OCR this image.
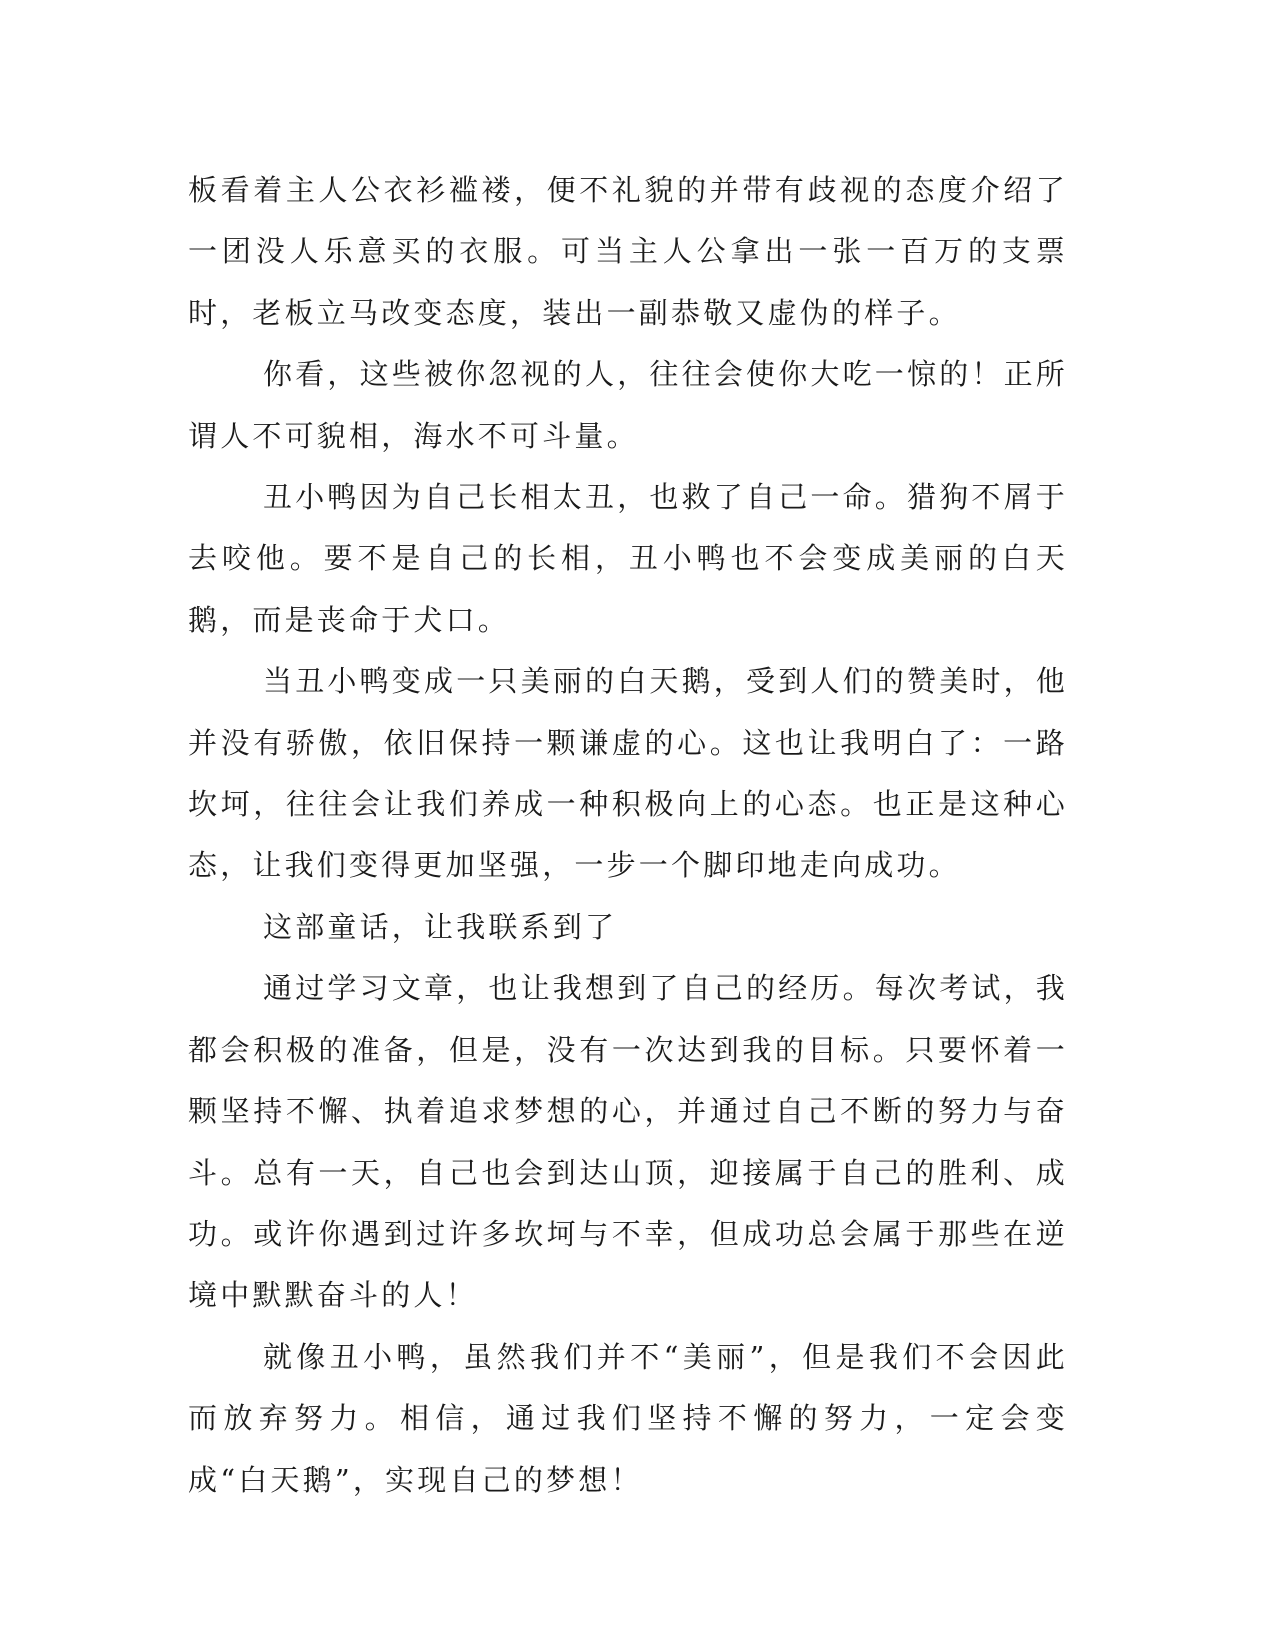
板看着主人公衣衫褴褛，便不礼貌的并带有歧视的态度介绍了一团没人乐意买的衣服。可当主人公拿出一张一百万的支票时，老板立马改变态度，装出一副恭敬又虚伪的样子。

你看，这些被你忽视的人，往往会使你大吃一惊的！正所谓人不可貌相，海水不可斗量。

丑小鸭因为自己长相太丑，也救了自己一命。猎狗不屑于去咬他。要不是自己的长相，丑小鸭也不会变成美丽的白天鹅，而是丧命于犬口。

当丑小鸭变成一只美丽的白天鹅，受到人们的赞美时，他并没有骄傲，依旧保持一颗谦虚的心。这也让我明白了：一路坎坷，往往会让我们养成一种积极向上的心态。也正是这种心态，让我们变得更加坚强，一步一个脚印地走向成功。

这部童话，让我联系到了

通过学习文章，也让我想到了自己的经历。每次考试，我都会积极的准备，但是，没有一次达到我的目标。只要怀着一颗坚持不懈、执着追求梦想的心，并通过自己不断的努力与奋斗。总有一天，自己也会到达山顶，迎接属于自己的胜利、成功。或许你遇到过许多坎坷与不幸，但成功总会属于那些在逆境中默默奋斗的人！

就像丑小鸭，虽然我们并不“美丽”，但是我们不会因此而放弃努力。相信，通过我们坚持不懈的努力，一定会变成“白天鹅”，实现自己的梦想！
